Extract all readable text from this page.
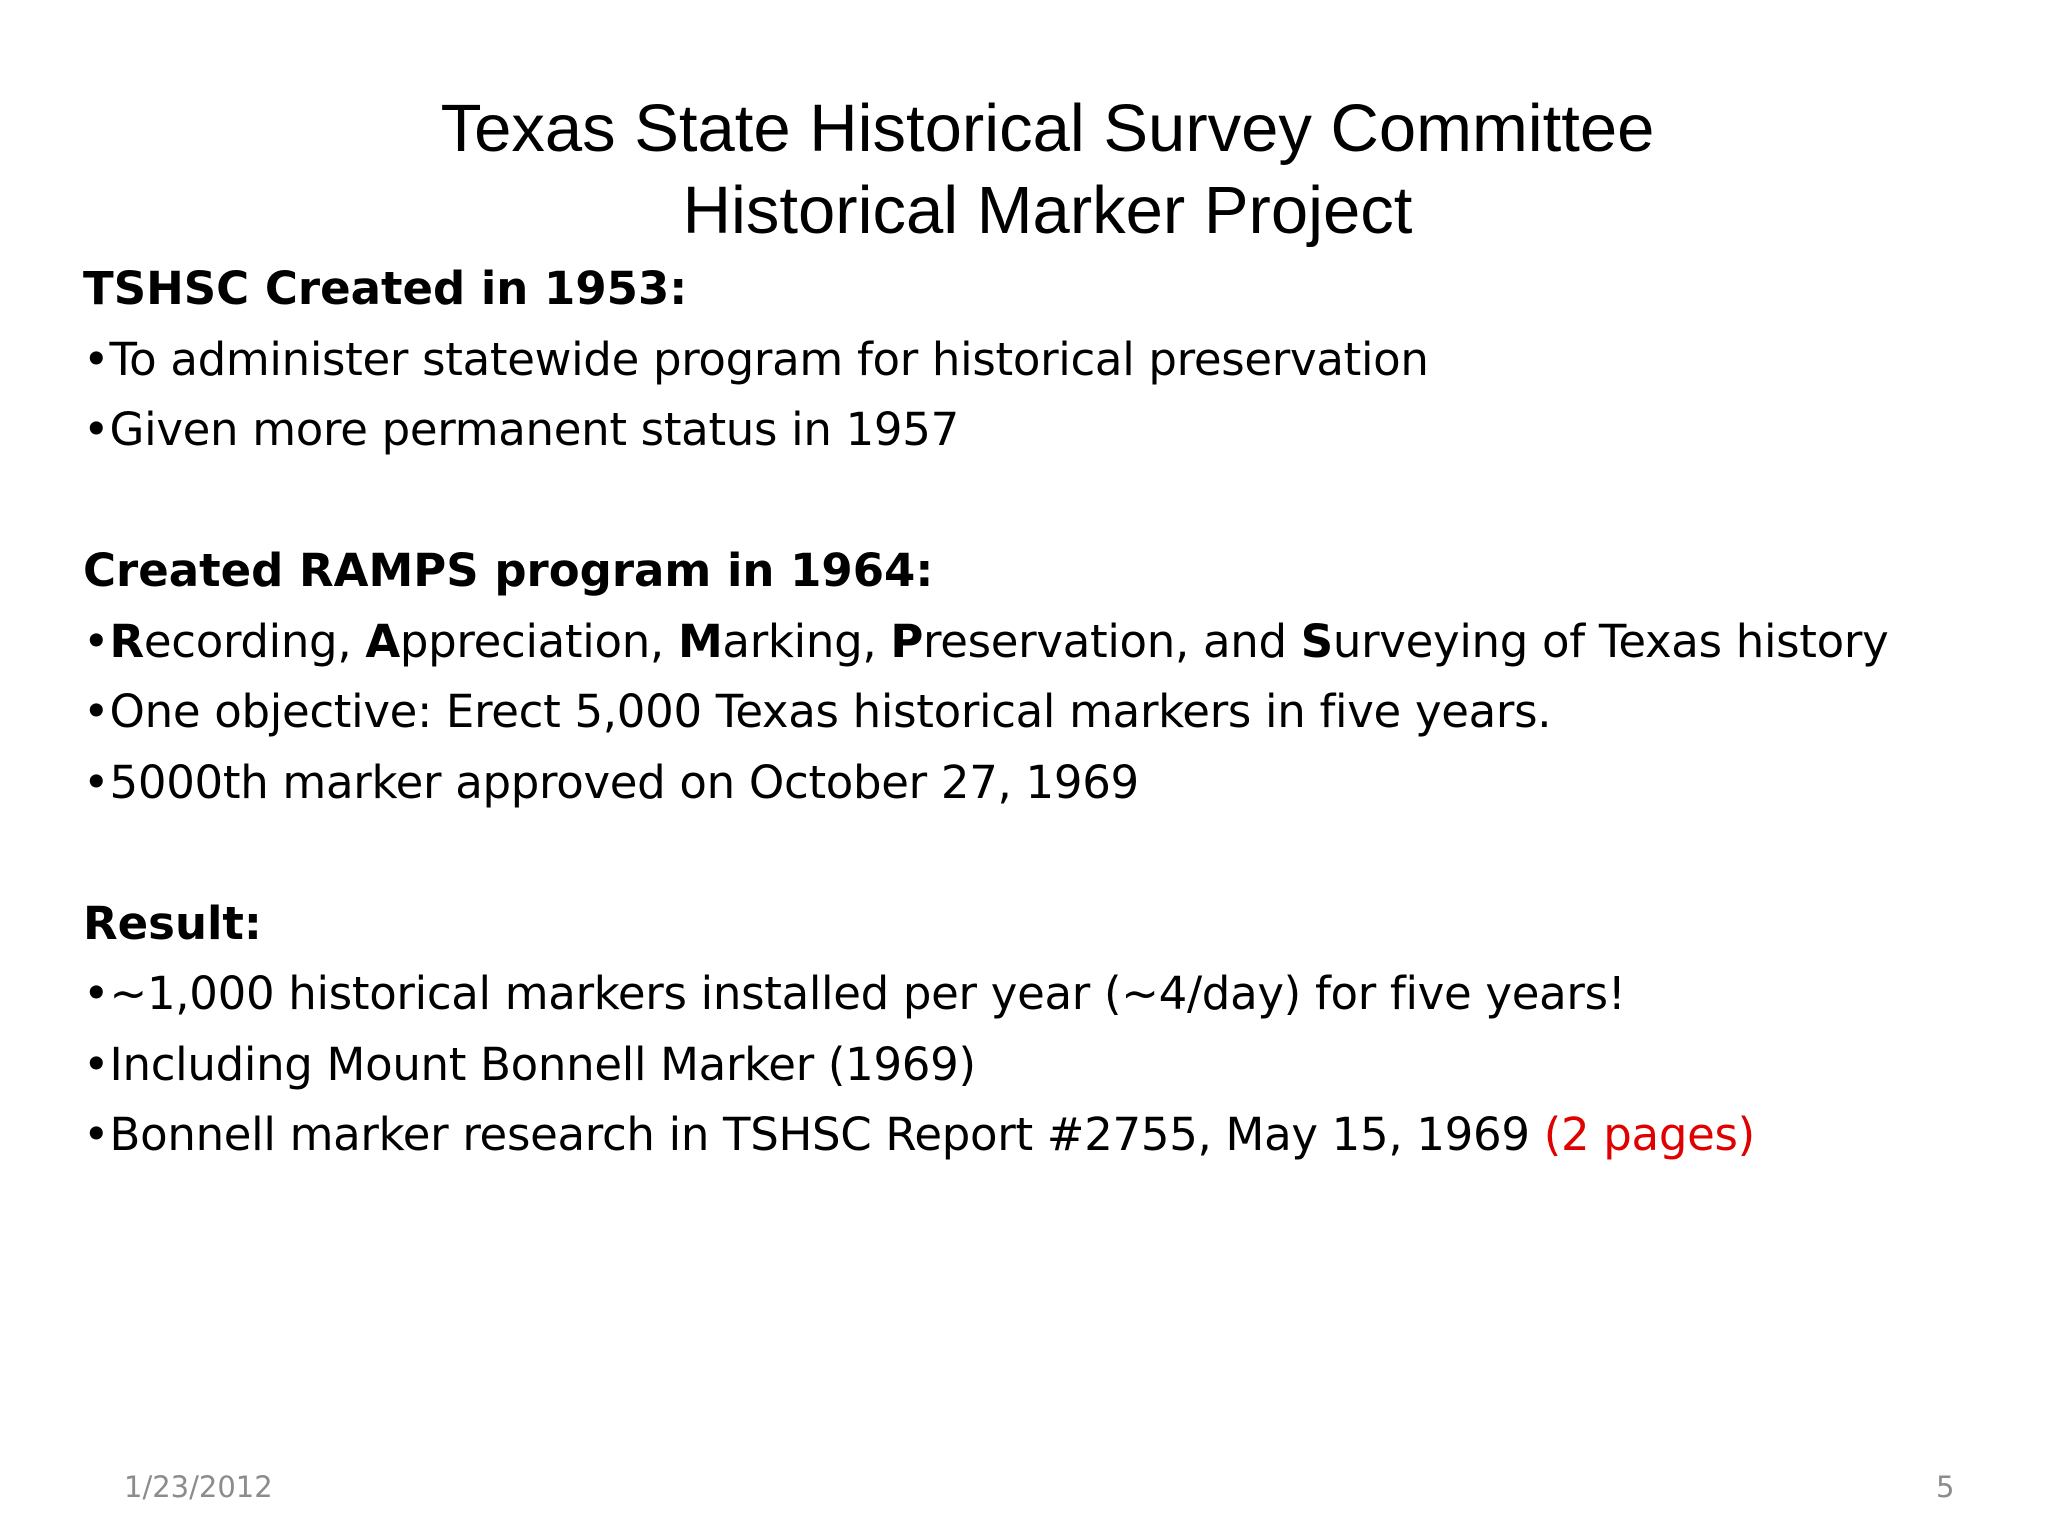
Texas State Historical Survey Committee
Historical Marker Project
TSHSC Created in 1953:
•To administer statewide program for historical preservation
•Given more permanent status in 1957
Created RAMPS program in 1964:
•Recording, Appreciation, Marking, Preservation, and Surveying of Texas history
•One objective: Erect 5,000 Texas historical markers in five years.
•5000th marker approved on October 27, 1969
Result:
•~1,000 historical markers installed per year (~4/day) for five years!
•Including Mount Bonnell Marker (1969)
•Bonnell marker research in TSHSC Report #2755, May 15, 1969 (2 pages)
1/23/2012	5
